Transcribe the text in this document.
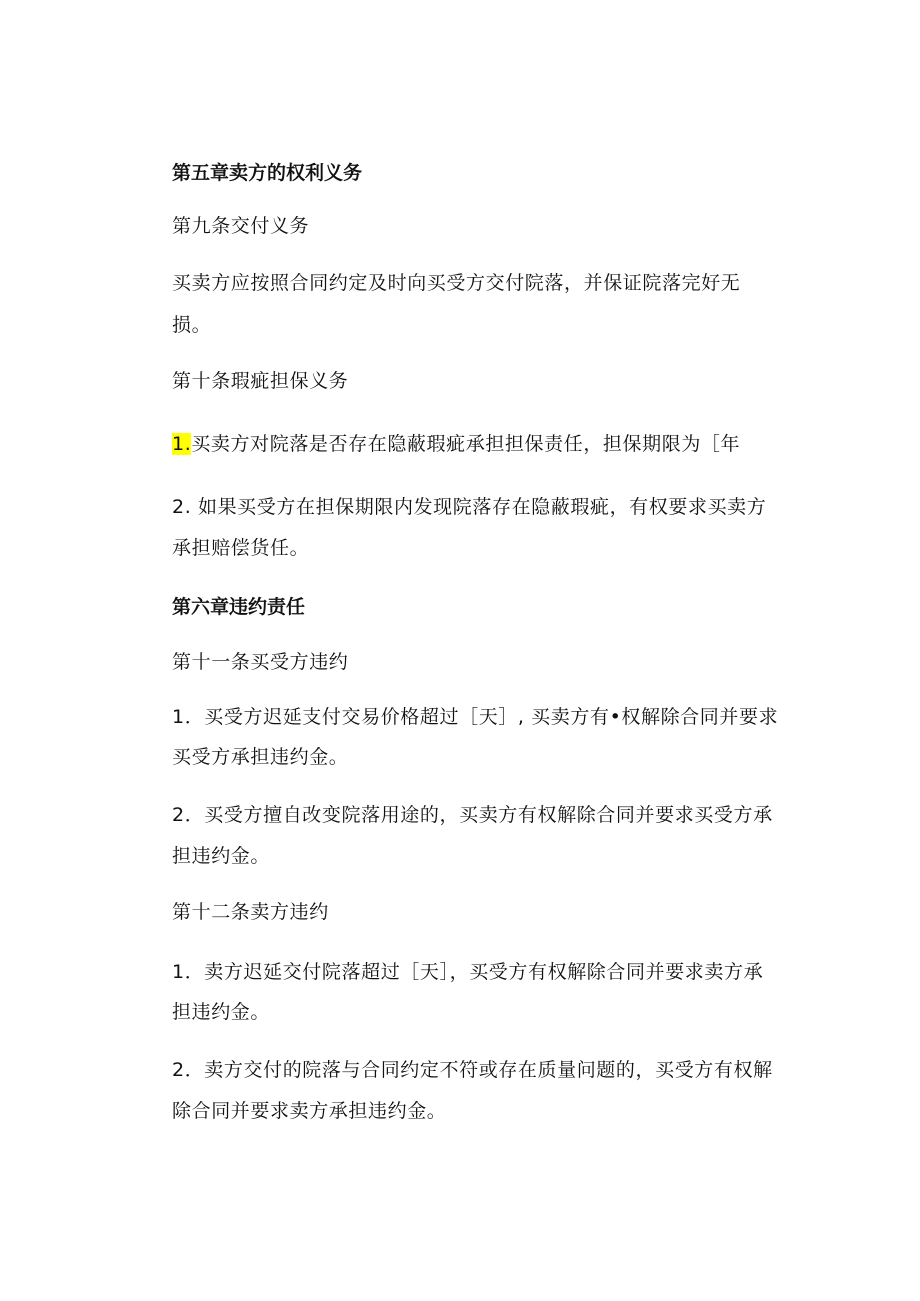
第五章卖方的权利义务

第九条交付义务

买卖方应按照合同约定及时向买受方交付院落，并保证院落完好无

损。

第十条瑕疵担保义务

1.买卖方对院落是否存在隐蔽瑕疵承担担保责任，担保期限为［年

2. 如果买受方在担保期限内发现院落存在隐蔽瑕疵，有权要求买卖方

承担赔偿货任。

第六章违约责任

第十一条买受方违约

1．买受方迟延支付交易价格超过［天］, 买卖方有•权解除合同并要求

买受方承担违约金。

2．买受方擅自改变院落用途的，买卖方有权解除合同并要求买受方承

担违约金。

第十二条卖方违约

1．卖方迟延交付院落超过［天］，买受方有权解除合同并要求卖方承

担违约金。

2．卖方交付的院落与合同约定不符或存在质量问题的，买受方有权解

除合同并要求卖方承担违约金。
